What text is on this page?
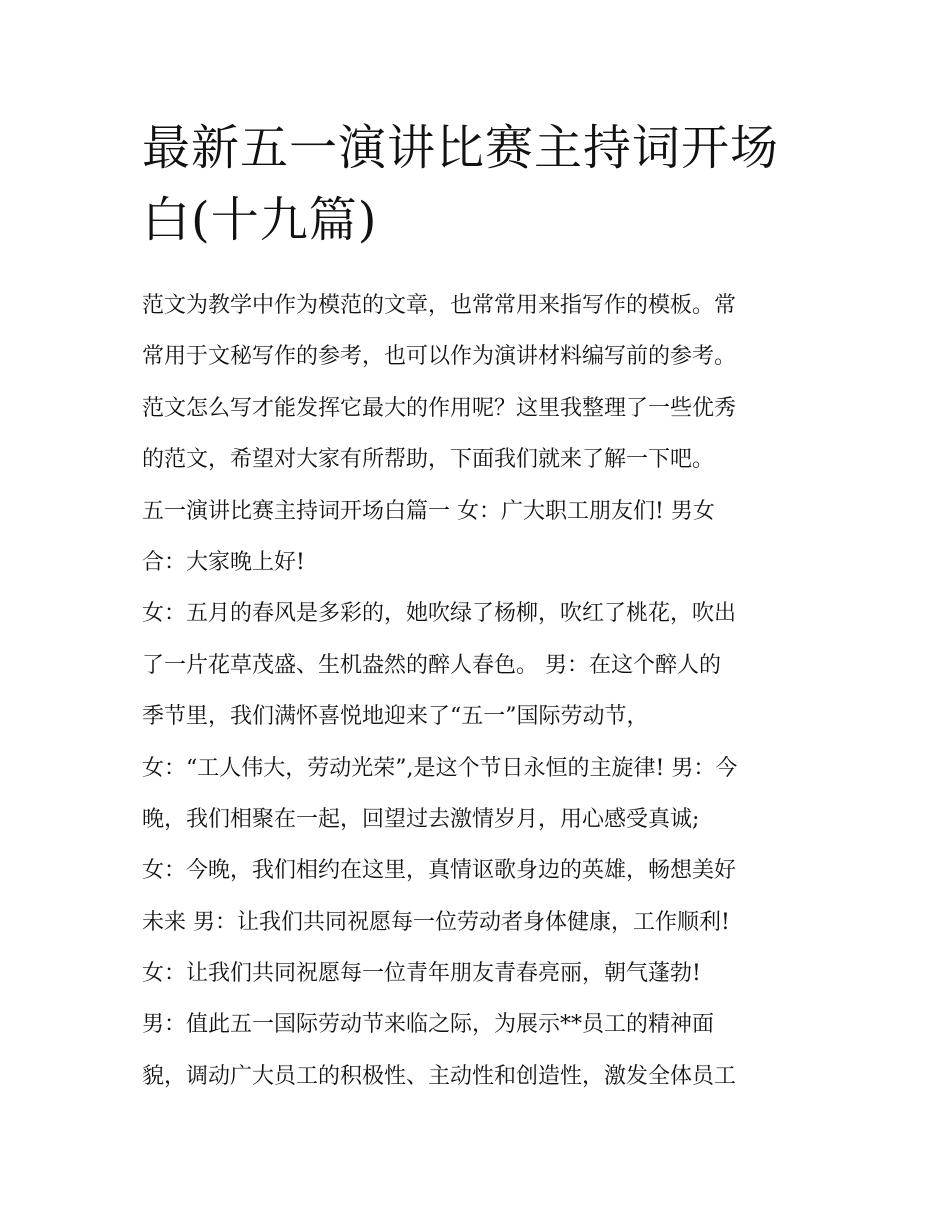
最新五一演讲比赛主持词开场
白(十九篇)
范文为教学中作为模范的文章，也常常用来指写作的模板。常
常用于文秘写作的参考，也可以作为演讲材料编写前的参考。
范文怎么写才能发挥它最大的作用呢？这里我整理了一些优秀
的范文，希望对大家有所帮助，下面我们就来了解一下吧。
五一演讲比赛主持词开场白篇一 女：广大职工朋友们! 男女
合：大家晚上好!
女：五月的春风是多彩的，她吹绿了杨柳，吹红了桃花，吹出
了一片花草茂盛、生机盎然的醉人春色。 男：在这个醉人的
季节里，我们满怀喜悦地迎来了“五一”国际劳动节，
女：“工人伟大，劳动光荣”,是这个节日永恒的主旋律! 男：今
晚，我们相聚在一起，回望过去激情岁月，用心感受真诚;
女：今晚，我们相约在这里，真情讴歌身边的英雄，畅想美好
未来 男：让我们共同祝愿每一位劳动者身体健康，工作顺利!
女：让我们共同祝愿每一位青年朋友青春亮丽，朝气蓬勃!
男：值此五一国际劳动节来临之际，为展示**员工的精神面
貌，调动广大员工的积极性、主动性和创造性，激发全体员工
